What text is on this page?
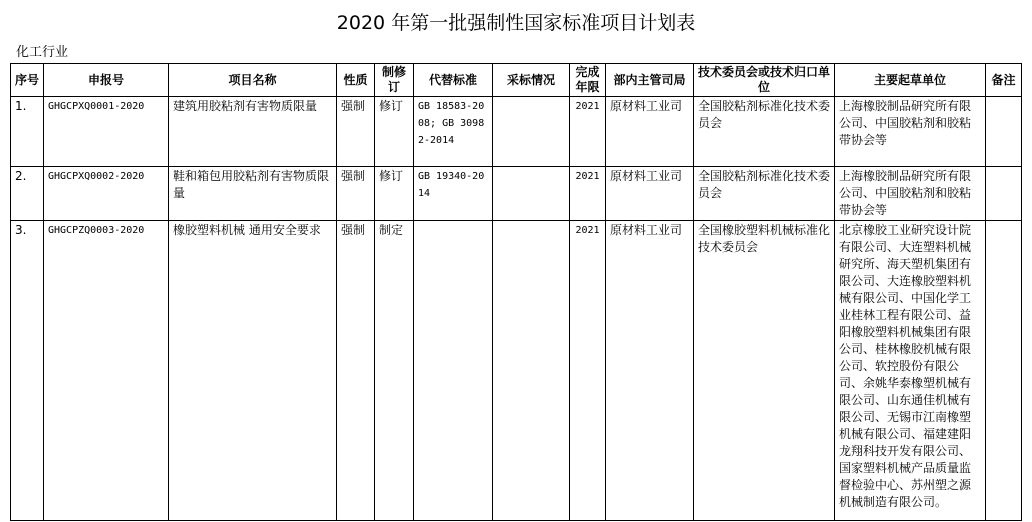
2020 年第一批强制性国家标准项目计划表
化工行业
序号	申报号	项目名称	性质	制修订	代替标准	采标情况	完成年限	部内主管司局	技术委员会或技术归口单位	主要起草单位	备注
1.	GHGCPXQ0001-2020	建筑用胶粘剂有害物质限量	强制	修订	GB 18583-2008; GB 30982-2014		2021	原材料工业司	全国胶粘剂标准化技术委员会	上海橡胶制品研究所有限公司、中国胶粘剂和胶粘带协会等	
2.	GHGCPXQ0002-2020	鞋和箱包用胶粘剂有害物质限量	强制	修订	GB 19340-2014		2021	原材料工业司	全国胶粘剂标准化技术委员会	上海橡胶制品研究所有限公司、中国胶粘剂和胶粘带协会等	
3.	GHGCPZQ0003-2020	橡胶塑料机械 通用安全要求	强制	制定			2021	原材料工业司	全国橡胶塑料机械标准化技术委员会	北京橡胶工业研究设计院有限公司、大连塑料机械研究所、海天塑机集团有限公司、大连橡胶塑料机械有限公司、中国化学工业桂林工程有限公司、益阳橡胶塑料机械集团有限公司、桂林橡胶机械有限公司、软控股份有限公司、余姚华泰橡塑机械有限公司、山东通佳机械有限公司、无锡市江南橡塑机械有限公司、福建建阳龙翔科技开发有限公司、国家塑料机械产品质量监督检验中心、苏州塑之源机械制造有限公司。	
